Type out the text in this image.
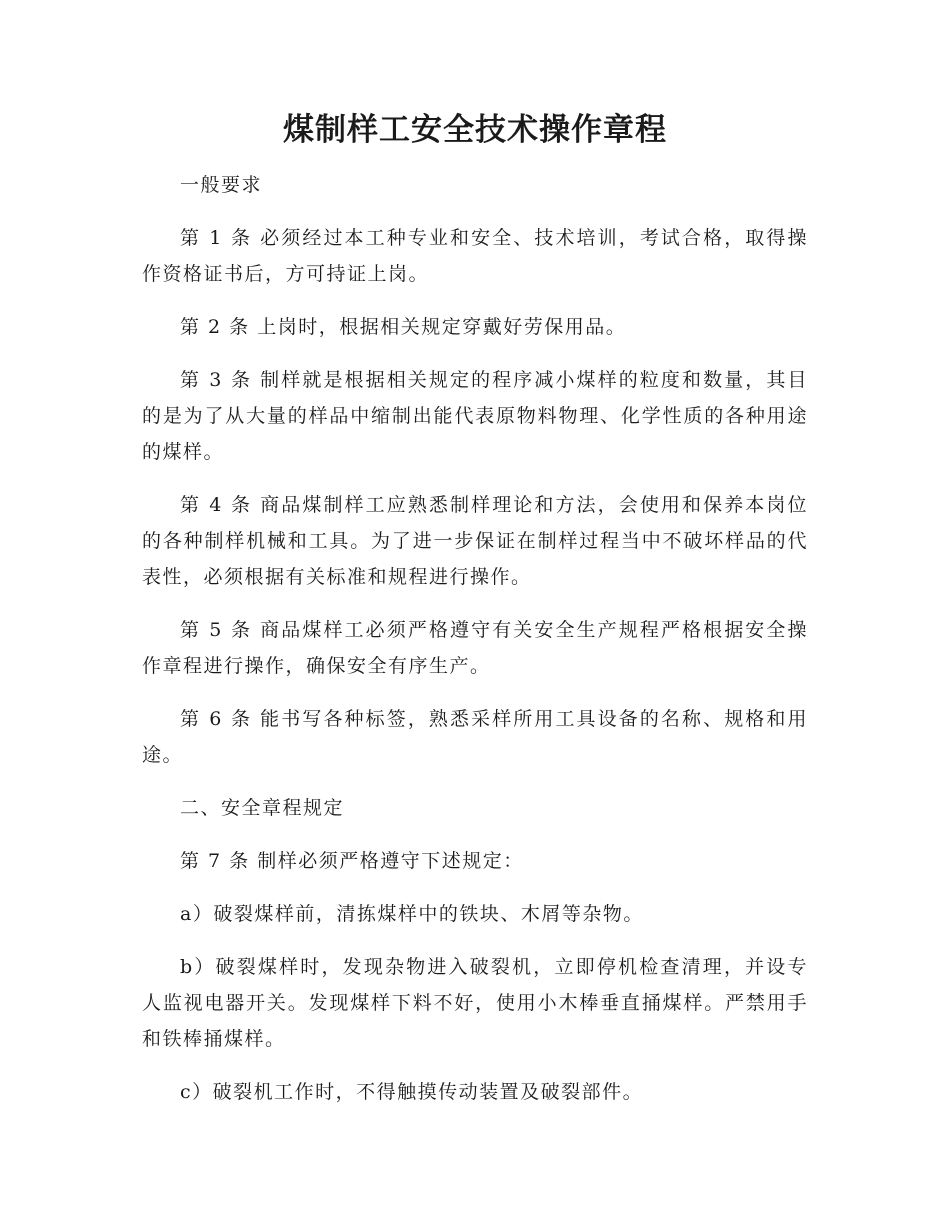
煤制样工安全技术操作章程

一般要求

第 1 条 必须经过本工种专业和安全、技术培训，考试合格，取得操作资格证书后，方可持证上岗。

第 2 条 上岗时，根据相关规定穿戴好劳保用品。

第 3 条 制样就是根据相关规定的程序减小煤样的粒度和数量，其目的是为了从大量的样品中缩制出能代表原物料物理、化学性质的各种用途的煤样。

第 4 条 商品煤制样工应熟悉制样理论和方法，会使用和保养本岗位的各种制样机械和工具。为了进一步保证在制样过程当中不破坏样品的代表性，必须根据有关标准和规程进行操作。

第 5 条 商品煤样工必须严格遵守有关安全生产规程严格根据安全操作章程进行操作，确保安全有序生产。

第 6 条 能书写各种标签，熟悉采样所用工具设备的名称、规格和用途。

二、安全章程规定

第 7 条 制样必须严格遵守下述规定：

a）破裂煤样前，清拣煤样中的铁块、木屑等杂物。

b）破裂煤样时，发现杂物进入破裂机，立即停机检查清理，并设专人监视电器开关。发现煤样下料不好，使用小木棒垂直捅煤样。严禁用手和铁棒捅煤样。

c）破裂机工作时，不得触摸传动装置及破裂部件。
